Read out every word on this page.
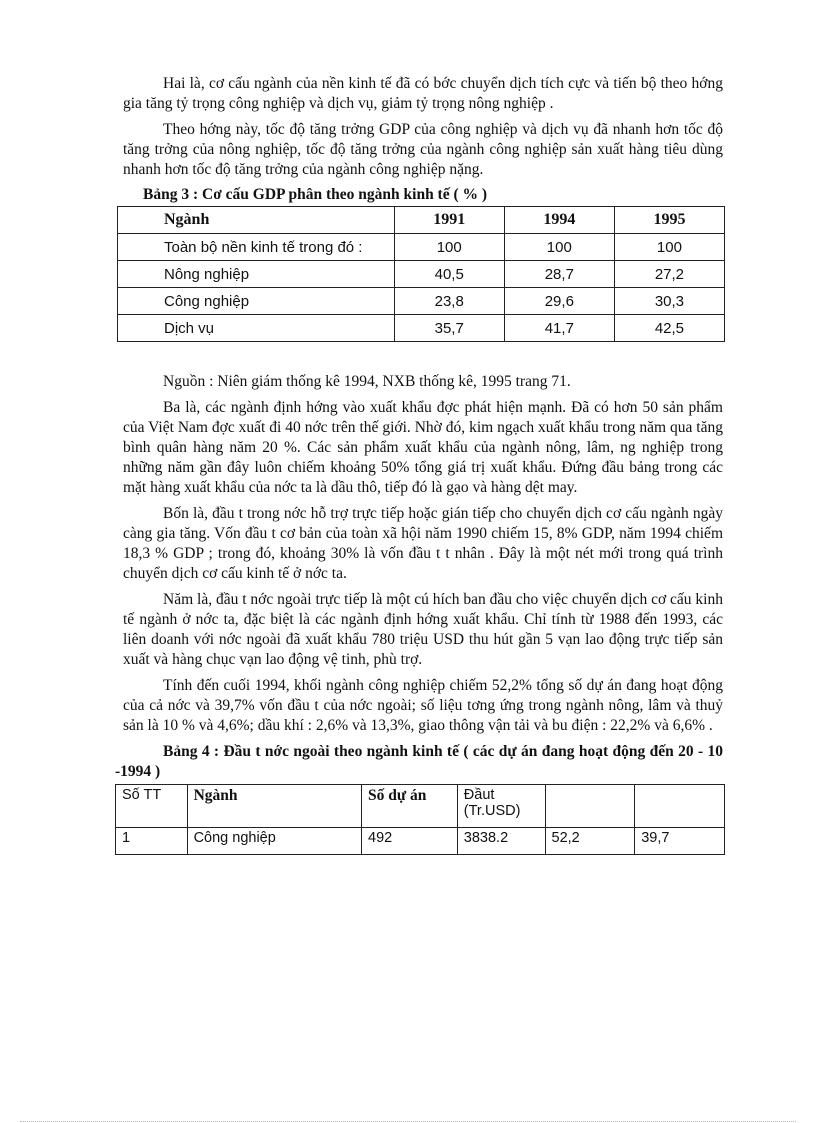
Hai là, cơ cấu ngành của nền kinh tế đã có bớc chuyển dịch tích cực và tiến bộ theo hớng gia tăng tỷ trọng công nghiệp và dịch vụ, giảm tỷ trọng nông nghiệp .

Theo hớng này, tốc độ tăng trởng GDP của công nghiệp và dịch vụ đã nhanh hơn tốc độ tăng trởng của nông nghiệp, tốc độ tăng trởng của ngành công nghiệp sản xuất hàng tiêu dùng nhanh hơn tốc độ tăng trởng của ngành công nghiệp nặng.

Bảng 3 : Cơ cấu GDP phân theo ngành kinh tế ( % )
Ngành	1991	1994	1995
Toàn bộ nền kinh tế trong đó :	100	100	100
Nông nghiệp	40,5	28,7	27,2
Công nghiệp	23,8	29,6	30,3
Dịch vụ	35,7	41,7	42,5

Nguồn : Niên giám thống kê 1994, NXB thống kê, 1995 trang 71.

Ba là, các ngành định hớng vào xuất khẩu đợc phát hiện mạnh. Đã có hơn 50 sản phẩm của Việt Nam đợc xuất đi 40 nớc trên thế giới. Nhờ đó, kim ngạch xuất khẩu trong năm qua tăng bình quân hàng năm 20 %. Các sản phẩm xuất khẩu của ngành nông, lâm, ng nghiệp trong những năm gần đây luôn chiếm khoảng 50% tổng giá trị xuất khẩu. Đứng đầu bảng trong các mặt hàng xuất khẩu của nớc ta là dầu thô, tiếp đó là gạo và hàng dệt may.

Bốn là, đầu t trong nớc hỗ trợ trực tiếp hoặc gián tiếp cho chuyển dịch cơ cấu ngành ngày càng gia tăng. Vốn đầu t cơ bản của toàn xã hội năm 1990 chiếm 15, 8% GDP, năm 1994 chiếm 18,3 % GDP ; trong đó, khoảng 30% là vốn đầu t t nhân . Đây là một nét mới trong quá trình chuyển dịch cơ cấu kinh tế ở nớc ta.

Năm là, đầu t nớc ngoài trực tiếp là một cú hích ban đầu cho việc chuyển dịch cơ cấu kinh tế ngành ở nớc ta, đặc biệt là các ngành định hớng xuất khẩu. Chỉ tính từ 1988 đến 1993, các liên doanh với nớc ngoài đã xuất khẩu 780 triệu USD thu hút gần 5 vạn lao động trực tiếp sản xuất và hàng chục vạn lao động vệ tinh, phù trợ.

Tính đến cuối 1994, khối ngành công nghiệp chiếm 52,2% tổng số dự án đang hoạt động của cả nớc và 39,7% vốn đầu t của nớc ngoài; số liệu tơng ứng trong ngành nông, lâm và thuỷ sản là 10 % và 4,6%; dầu khí : 2,6% và 13,3%, giao thông vận tải và bu điện : 22,2% và 6,6% .

Bảng 4 : Đầu t nớc ngoài theo ngành kinh tế ( các dự án đang hoạt động đến 20 - 10 -1994 )
Số TT	Ngành	Số dự án	Đầut (Tr.USD)		
1	Công nghiệp	492	3838.2	52,2	39,7
